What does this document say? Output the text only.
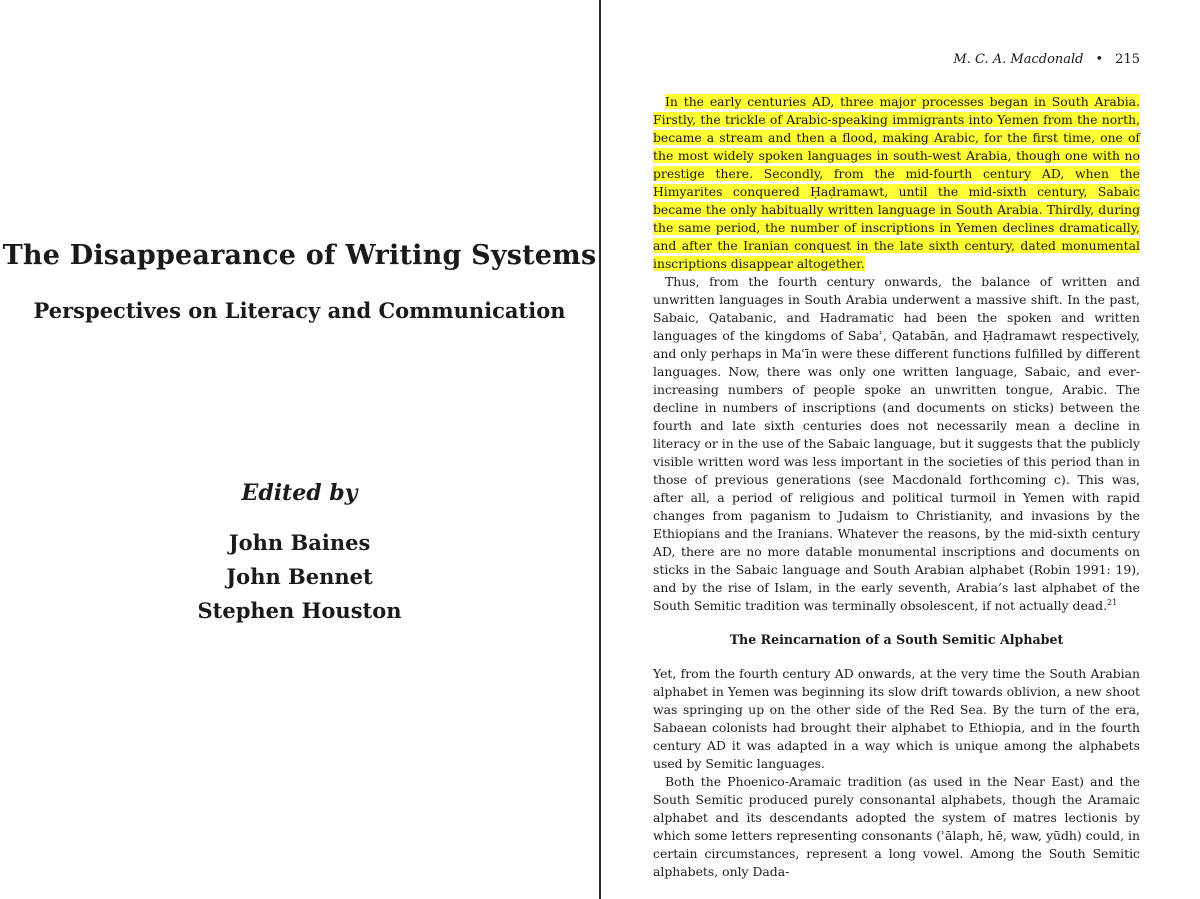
The Disappearance of Writing Systems
Perspectives on Literacy and Communication

Edited by

John Baines
John Bennet
Stephen Houston
M. C. A. Macdonald • 215

In the early centuries AD, three major processes began in South Arabia. Firstly, the trickle of Arabic-speaking immigrants into Yemen from the north, became a stream and then a flood, making Arabic, for the first time, one of the most widely spoken languages in south-west Arabia, though one with no prestige there. Secondly, from the mid-fourth century AD, when the Himyarites conquered Ḥaḍramawt, until the mid-sixth century, Sabaic became the only habitually written language in South Arabia. Thirdly, during the same period, the number of inscriptions in Yemen declines dramatically, and after the Iranian conquest in the late sixth century, dated monumental inscriptions disappear altogether.

Thus, from the fourth century onwards, the balance of written and unwritten languages in South Arabia underwent a massive shift. In the past, Sabaic, Qatabanic, and Hadramatic had been the spoken and written languages of the kingdoms of Sabaʾ, Qatabān, and Ḥaḍramawt respectively, and only perhaps in Maʿīn were these different functions fulfilled by different languages. Now, there was only one written language, Sabaic, and ever-increasing numbers of people spoke an unwritten tongue, Arabic. The decline in numbers of inscriptions (and documents on sticks) between the fourth and late sixth centuries does not necessarily mean a decline in literacy or in the use of the Sabaic language, but it suggests that the publicly visible written word was less important in the societies of this period than in those of previous generations (see Macdonald forthcoming c). This was, after all, a period of religious and political turmoil in Yemen with rapid changes from paganism to Judaism to Christianity, and invasions by the Ethiopians and the Iranians. Whatever the reasons, by the mid-sixth century AD, there are no more datable monumental inscriptions and documents on sticks in the Sabaic language and South Arabian alphabet (Robin 1991: 19), and by the rise of Islam, in the early seventh, Arabia’s last alphabet of the South Semitic tradition was terminally obsolescent, if not actually dead.$^{21}$

The Reincarnation of a South Semitic Alphabet

Yet, from the fourth century AD onwards, at the very time the South Arabian alphabet in Yemen was beginning its slow drift towards oblivion, a new shoot was springing up on the other side of the Red Sea. By the turn of the era, Sabaean colonists had brought their alphabet to Ethiopia, and in the fourth century AD it was adapted in a way which is unique among the alphabets used by Semitic languages.

Both the Phoenico-Aramaic tradition (as used in the Near East) and the South Semitic produced purely consonantal alphabets, though the Aramaic alphabet and its descendants adopted the system of matres lectionis by which some letters representing consonants (ʾālaph, hē, waw, yūdh) could, in certain circumstances, represent a long vowel. Among the South Semitic alphabets, only Dada-
